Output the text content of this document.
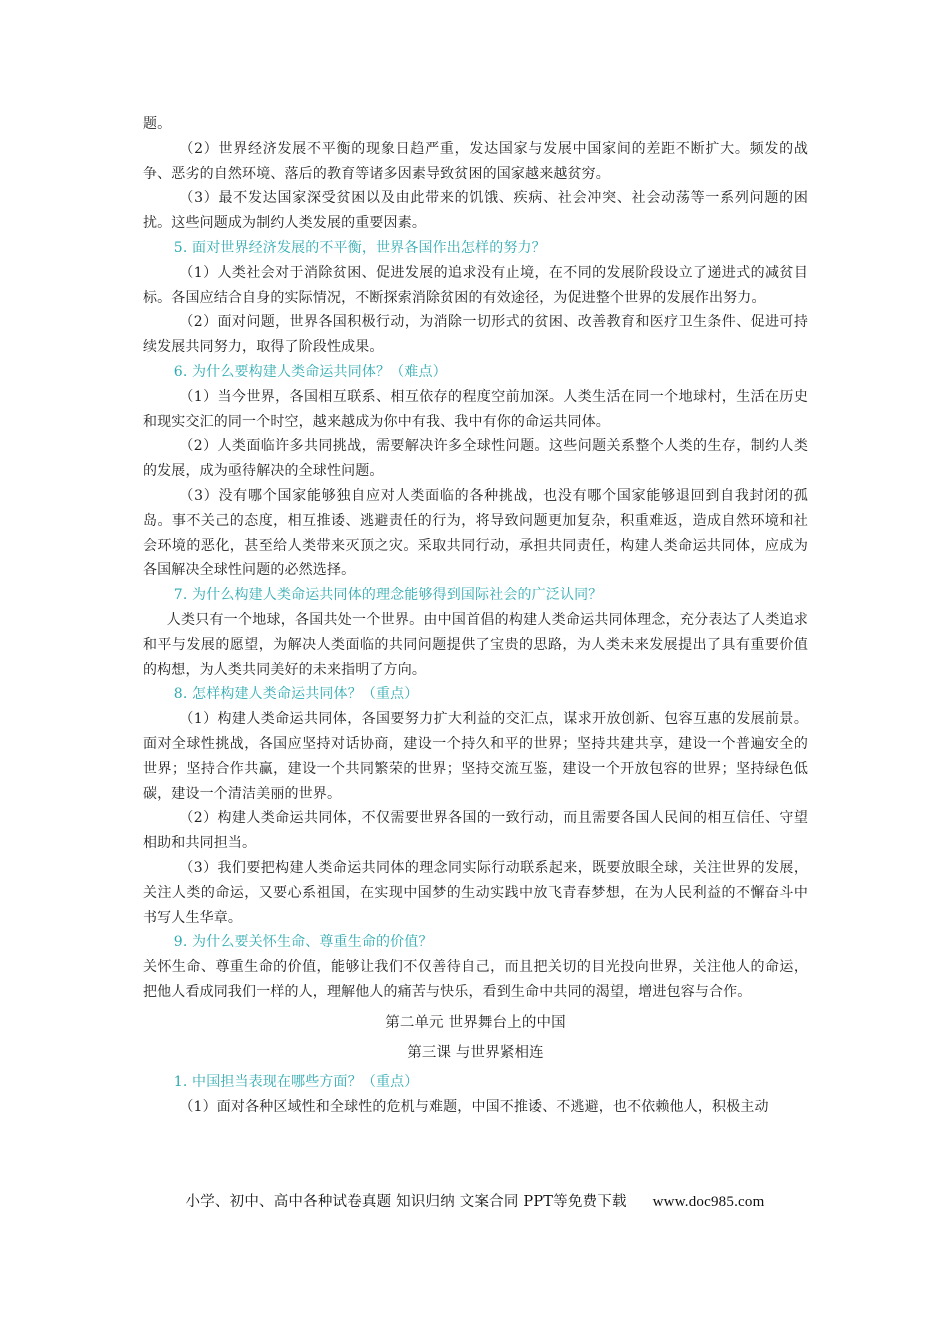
题。

（2）世界经济发展不平衡的现象日趋严重，发达国家与发展中国家间的差距不断扩大。频发的战争、恶劣的自然环境、落后的教育等诸多因素导致贫困的国家越来越贫穷。

（3）最不发达国家深受贫困以及由此带来的饥饿、疾病、社会冲突、社会动荡等一系列问题的困扰。这些问题成为制约人类发展的重要因素。

5. 面对世界经济发展的不平衡，世界各国作出怎样的努力？

（1）人类社会对于消除贫困、促进发展的追求没有止境，在不同的发展阶段设立了递进式的减贫目标。各国应结合自身的实际情况，不断探索消除贫困的有效途径，为促进整个世界的发展作出努力。

（2）面对问题，世界各国积极行动，为消除一切形式的贫困、改善教育和医疗卫生条件、促进可持续发展共同努力，取得了阶段性成果。

6. 为什么要构建人类命运共同体？（难点）

（1）当今世界，各国相互联系、相互依存的程度空前加深。人类生活在同一个地球村，生活在历史和现实交汇的同一个时空，越来越成为你中有我、我中有你的命运共同体。

（2）人类面临许多共同挑战，需要解决许多全球性问题。这些问题关系整个人类的生存，制约人类的发展，成为亟待解决的全球性问题。

（3）没有哪个国家能够独自应对人类面临的各种挑战，也没有哪个国家能够退回到自我封闭的孤岛。事不关己的态度，相互推诿、逃避责任的行为，将导致问题更加复杂，积重难返，造成自然环境和社会环境的恶化，甚至给人类带来灭顶之灾。采取共同行动，承担共同责任，构建人类命运共同体，应成为各国解决全球性问题的必然选择。

7. 为什么构建人类命运共同体的理念能够得到国际社会的广泛认同？

人类只有一个地球，各国共处一个世界。由中国首倡的构建人类命运共同体理念，充分表达了人类追求和平与发展的愿望，为解决人类面临的共同问题提供了宝贵的思路，为人类未来发展提出了具有重要价值的构想，为人类共同美好的未来指明了方向。

8. 怎样构建人类命运共同体？（重点）

（1）构建人类命运共同体，各国要努力扩大利益的交汇点，谋求开放创新、包容互惠的发展前景。面对全球性挑战，各国应坚持对话协商，建设一个持久和平的世界；坚持共建共享，建设一个普遍安全的世界；坚持合作共赢，建设一个共同繁荣的世界；坚持交流互鉴，建设一个开放包容的世界；坚持绿色低碳，建设一个清洁美丽的世界。

（2）构建人类命运共同体，不仅需要世界各国的一致行动，而且需要各国人民间的相互信任、守望相助和共同担当。

（3）我们要把构建人类命运共同体的理念同实际行动联系起来，既要放眼全球，关注世界的发展，关注人类的命运，又要心系祖国，在实现中国梦的生动实践中放飞青春梦想，在为人民利益的不懈奋斗中书写人生华章。

9. 为什么要关怀生命、尊重生命的价值？

关怀生命、尊重生命的价值，能够让我们不仅善待自己，而且把关切的目光投向世界，关注他人的命运，把他人看成同我们一样的人，理解他人的痛苦与快乐，看到生命中共同的渴望，增进包容与合作。

第二单元 世界舞台上的中国

第三课 与世界紧相连

1. 中国担当表现在哪些方面？（重点）

（1）面对各种区域性和全球性的危机与难题，中国不推诿、不逃避，也不依赖他人，积极主动

小学、初中、高中各种试卷真题 知识归纳 文案合同 PPT等免费下载 www.doc985.com
